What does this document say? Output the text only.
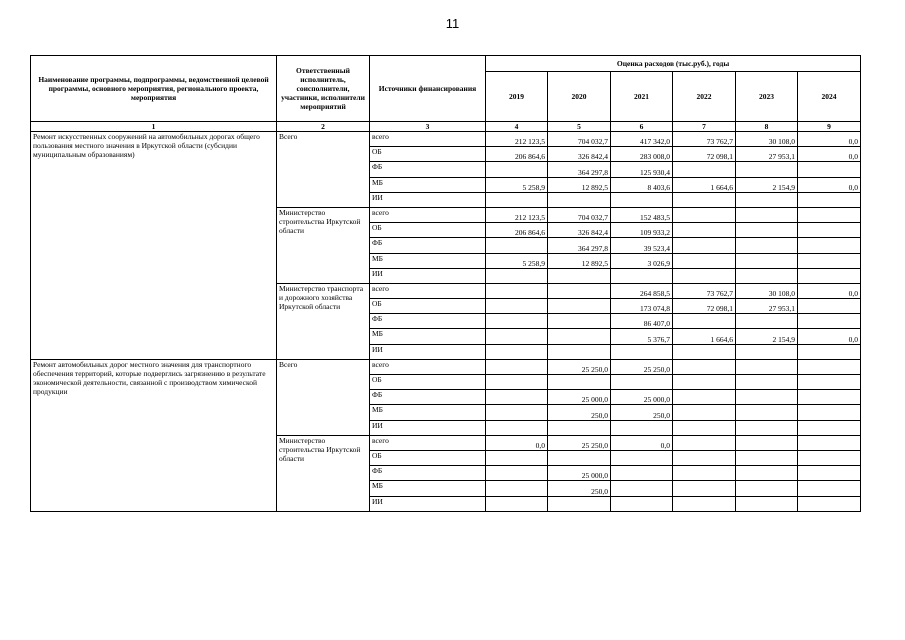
11
Наименование программы, подпрограммы, ведомственной целевой программы, основного мероприятия, регионального проекта, мероприятия	Ответственный исполнитель, соисполнители, участники, исполнители мероприятий	Источники финансирования	Оценка расходов (тыс.руб.), годы					
			2019	2020	2021	2022	2023	2024
1	2	3	4	5	6	7	8	9
Ремонт искусственных сооружений на автомобильных дорогах общего пользования местного значения в Иркутской области (субсидии муниципальным образованиям)	Всего	всего	212 123,5	704 032,7	417 342,0	73 762,7	30 108,0	0,0
		ОБ	206 864,6	326 842,4	283 008,0	72 098,1	27 953,1	0,0
		ФБ		364 297,8	125 930,4			
		МБ	5 258,9	12 892,5	8 403,6	1 664,6	2 154,9	0,0
		ИИ						
	Министерство строительства Иркутской области	всего	212 123,5	704 032,7	152 483,5			
		ОБ	206 864,6	326 842,4	109 933,2			
		ФБ		364 297,8	39 523,4			
		МБ	5 258,9	12 892,5	3 026,9			
		ИИ						
	Министерство транспорта и дорожного хозяйства Иркутской области	всего			264 858,5	73 762,7	30 108,0	0,0
		ОБ			173 074,8	72 098,1	27 953,1	
		ФБ			86 407,0			
		МБ			5 376,7	1 664,6	2 154,9	0,0
		ИИ						
Ремонт автомобильных дорог местного значения для транспортного обеспечения территорий, которые подверглись загрязнению в результате экономической деятельности, связанной с производством химической продукции	Всего	всего		25 250,0	25 250,0			
		ОБ						
		ФБ		25 000,0	25 000,0			
		МБ		250,0	250,0			
		ИИ						
	Министерство строительства Иркутской области	всего	0,0	25 250,0	0,0			
		ОБ						
		ФБ		25 000,0				
		МБ		250,0				
		ИИ						
